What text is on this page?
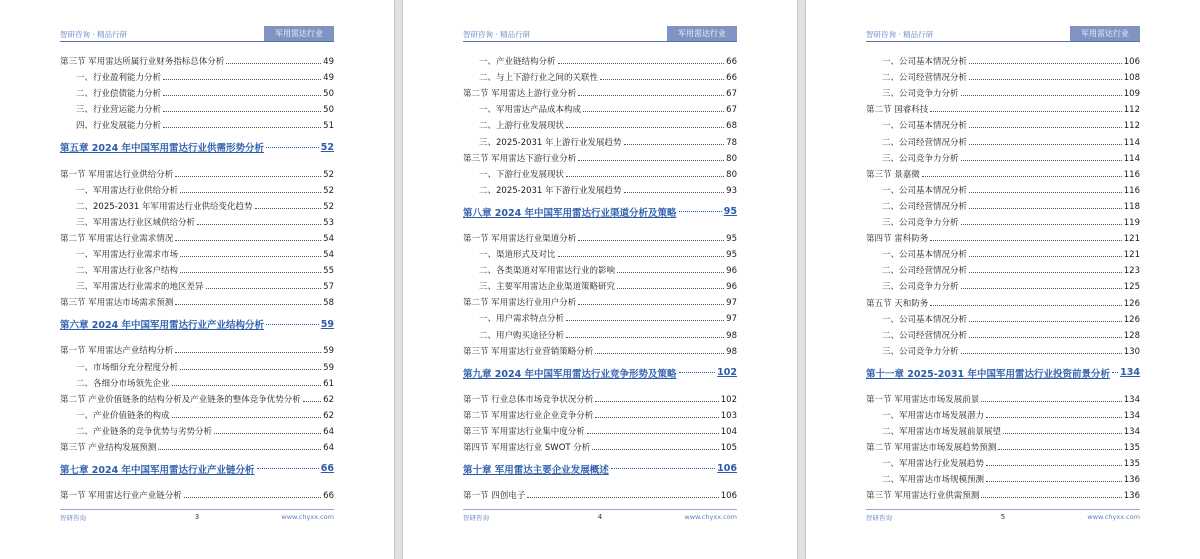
智研咨询 · 精品行研	军用雷达行业
第三节 军用雷达所属行业财务指标总体分析	49
一、行业盈利能力分析	49
二、行业偿债能力分析	50
三、行业营运能力分析	50
四、行业发展能力分析	51
第五章 2024 年中国军用雷达行业供需形势分析	52
第一节 军用雷达行业供给分析	52
一、军用雷达行业供给分析	52
二、2025-2031 年军用雷达行业供给变化趋势	52
三、军用雷达行业区域供给分析	53
第二节 军用雷达行业需求情况	54
一、军用雷达行业需求市场	54
二、军用雷达行业客户结构	55
三、军用雷达行业需求的地区差异	57
第三节 军用雷达市场需求预测	58
第六章 2024 年中国军用雷达行业产业结构分析	59
第一节 军用雷达产业结构分析	59
一、市场细分充分程度分析	59
二、各细分市场领先企业	61
第二节 产业价值链条的结构分析及产业链条的整体竞争优势分析	62
一、产业价值链条的构成	62
二、产业链条的竞争优势与劣势分析	64
第三节 产业结构发展预测	64
第七章 2024 年中国军用雷达行业产业链分析	66
第一节 军用雷达行业产业链分析	66
智研咨询	3	www.chyxx.com
智研咨询 · 精品行研	军用雷达行业
一、产业链结构分析	66
二、与上下游行业之间的关联性	66
第二节 军用雷达上游行业分析	67
一、军用雷达产品成本构成	67
二、上游行业发展现状	68
三、2025-2031 年上游行业发展趋势	78
第三节 军用雷达下游行业分析	80
一、下游行业发展现状	80
二、2025-2031 年下游行业发展趋势	93
第八章 2024 年中国军用雷达行业渠道分析及策略	95
第一节 军用雷达行业渠道分析	95
一、渠道形式及对比	95
二、各类渠道对军用雷达行业的影响	96
三、主要军用雷达企业渠道策略研究	96
第二节 军用雷达行业用户分析	97
一、用户需求特点分析	97
二、用户购买途径分析	98
第三节 军用雷达行业营销策略分析	98
第九章 2024 年中国军用雷达行业竞争形势及策略	102
第一节 行业总体市场竞争状况分析	102
第二节 军用雷达行业企业竞争分析	103
第三节 军用雷达行业集中度分析	104
第四节 军用雷达行业 SWOT 分析	105
第十章 军用雷达主要企业发展概述	106
第一节 四创电子	106
智研咨询	4	www.chyxx.com
智研咨询 · 精品行研	军用雷达行业
一、公司基本情况分析	106
二、公司经营情况分析	108
三、公司竞争力分析	109
第二节 国睿科技	112
一、公司基本情况分析	112
二、公司经营情况分析	114
三、公司竞争力分析	114
第三节 景嘉微	116
一、公司基本情况分析	116
二、公司经营情况分析	118
三、公司竞争力分析	119
第四节 雷科防务	121
一、公司基本情况分析	121
二、公司经营情况分析	123
三、公司竞争力分析	125
第五节 天和防务	126
一、公司基本情况分析	126
二、公司经营情况分析	128
三、公司竞争力分析	130
第十一章 2025-2031 年中国军用雷达行业投资前景分析 134
第一节 军用雷达市场发展前景	134
一、军用雷达市场发展潜力	134
二、军用雷达市场发展前景展望	134
第二节 军用雷达市场发展趋势预测	135
一、军用雷达行业发展趋势	135
二、军用雷达市场规模预测	136
第三节 军用雷达行业供需预测	136
智研咨询	5	www.chyxx.com
